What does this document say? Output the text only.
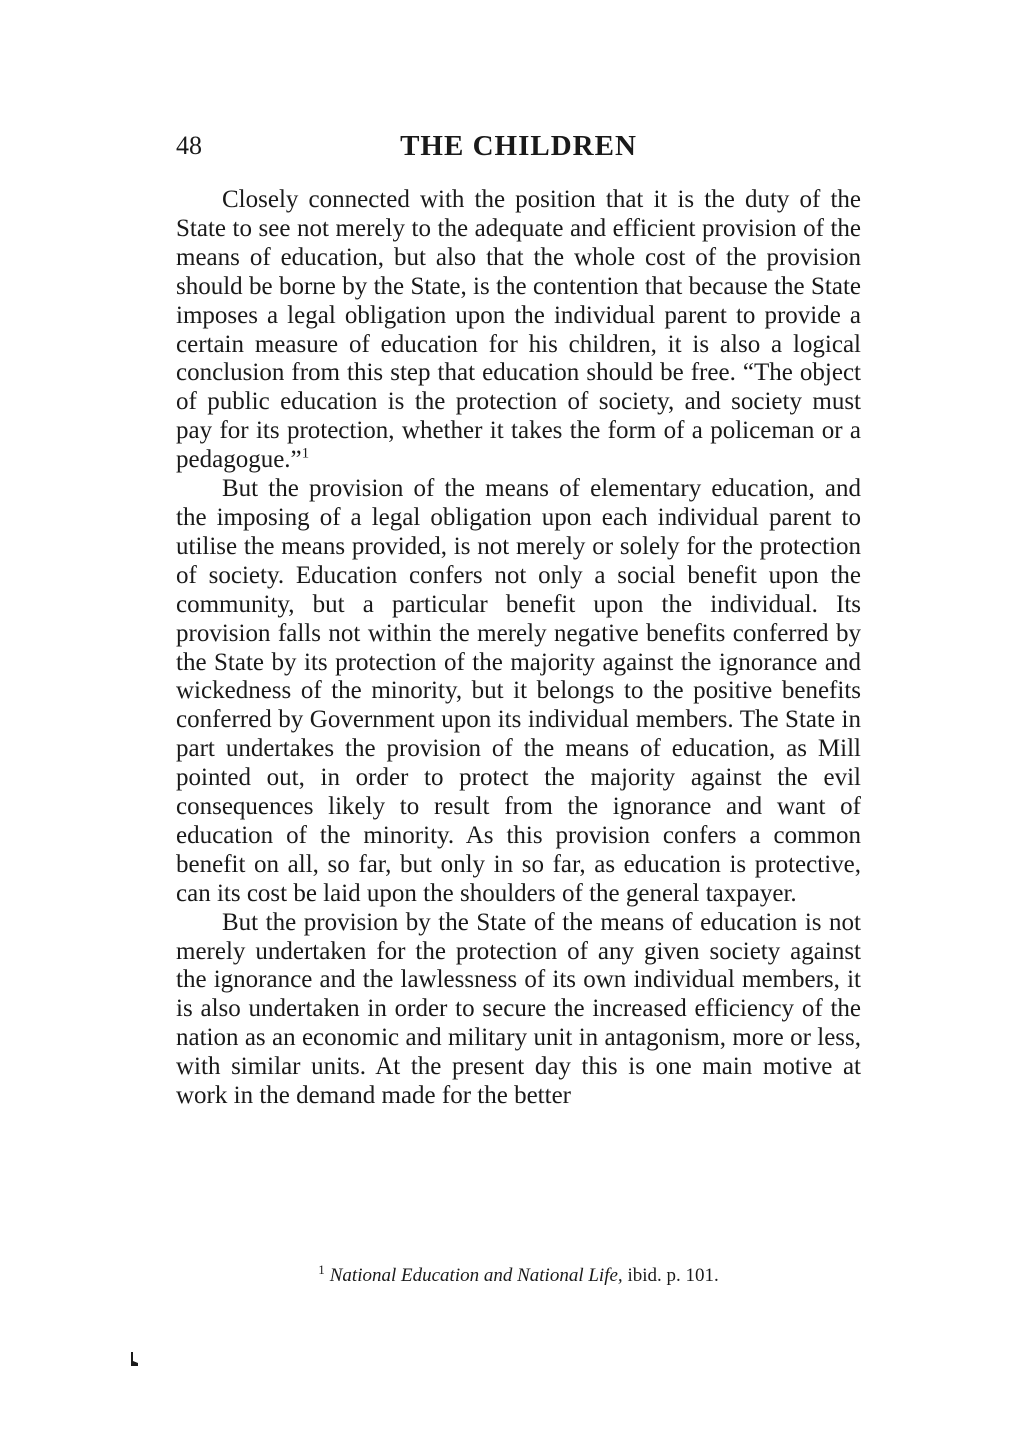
48	THE CHILDREN

Closely connected with the position that it is the duty of the State to see not merely to the adequate and efficient provision of the means of education, but also that the whole cost of the provision should be borne by the State, is the contention that because the State imposes a legal obligation upon the individual parent to provide a certain measure of education for his children, it is also a logical conclusion from this step that education should be free. “The object of public education is the protection of society, and society must pay for its protection, whether it takes the form of a policeman or a pedagogue.”$^1$

But the provision of the means of elementary education, and the imposing of a legal obligation upon each individual parent to utilise the means provided, is not merely or solely for the protection of society. Education confers not only a social benefit upon the community, but a particular benefit upon the individual. Its provision falls not within the merely negative benefits conferred by the State by its protection of the majority against the ignorance and wickedness of the minority, but it belongs to the positive benefits conferred by Government upon its individual members. The State in part undertakes the provision of the means of education, as Mill pointed out, in order to protect the majority against the evil consequences likely to result from the ignorance and want of education of the minority. As this provision confers a common benefit on all, so far, but only in so far, as education is protective, can its cost be laid upon the shoulders of the general taxpayer.

But the provision by the State of the means of education is not merely undertaken for the protection of any given society against the ignorance and the lawlessness of its own individual members, it is also undertaken in order to secure the increased efficiency of the nation as an economic and military unit in antagonism, more or less, with similar units. At the present day this is one main motive at work in the demand made for the better

$^1$ National Education and National Life, ibid. p. 101.
